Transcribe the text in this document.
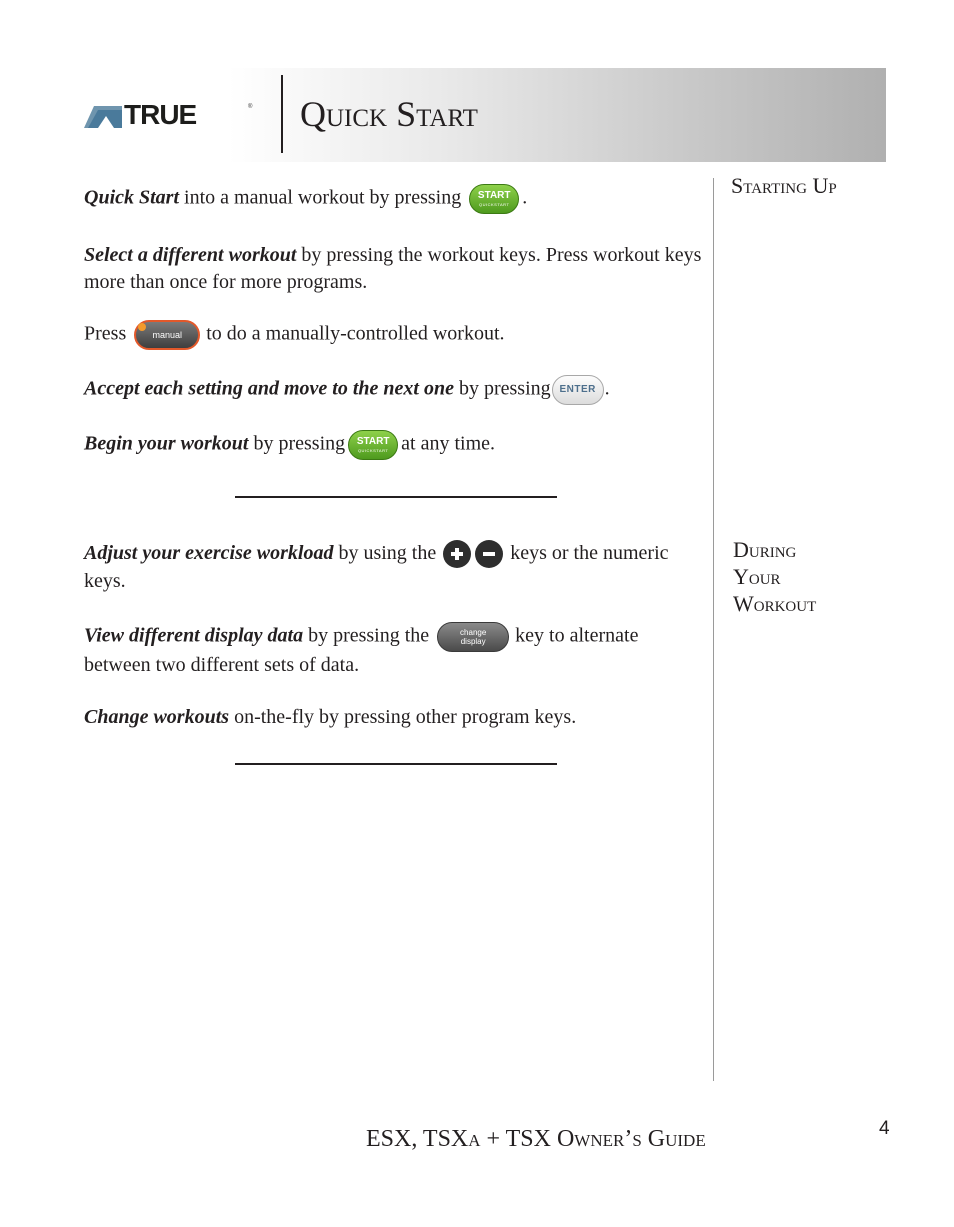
TRUE	® Quick Start
Starting Up
During
Your
Workout
Quick Start into a manual workout by pressing	START
QUICKSTART .
Select a different workout by pressing the workout keys. Press workout keys more than once for more programs.
Press	manual to do a manually-controlled workout.
Accept each setting and move to the next one by pressing ENTER .
Begin your workout by pressing	START
QUICKSTART at any time.
Adjust your exercise workload by using the	keys or the numeric keys.
View different display data by pressing the	change
display	key to alternate between two different sets of data.
Change workouts on-the-fly by pressing other program keys.
ESX, TSXa + TSX Owner’s Guide	4
